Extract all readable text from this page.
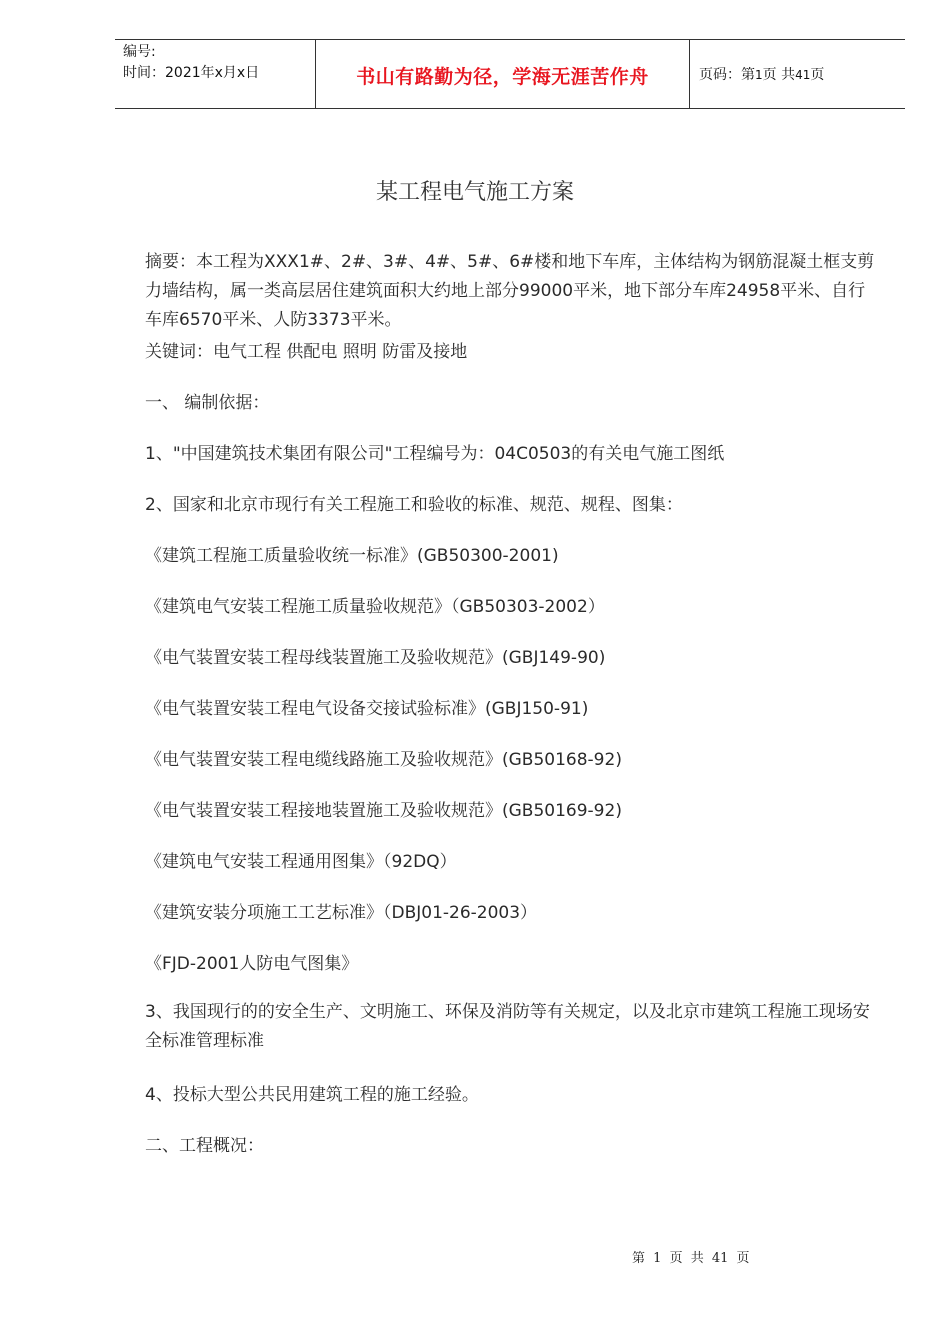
编号:
时间：2021年x月x日	书山有路勤为径，学海无涯苦作舟	页码：第1页 共41页
某工程电气施工方案
摘要：本工程为XXX1#、2#、3#、4#、5#、6#楼和地下车库，主体结构为钢筋混凝土框支剪力墙结构，属一类高层居住建筑面积大约地上部分99000平米，地下部分车库24958平米、自行车库6570平米、人防3373平米。
关键词：电气工程 供配电 照明 防雷及接地
一、 编制依据：
1、"中国建筑技术集团有限公司"工程编号为：04C0503的有关电气施工图纸
2、国家和北京市现行有关工程施工和验收的标准、规范、规程、图集：
《建筑工程施工质量验收统一标准》(GB50300-2001)
《建筑电气安装工程施工质量验收规范》（GB50303-2002）
《电气装置安装工程母线装置施工及验收规范》(GBJ149-90)
《电气装置安装工程电气设备交接试验标准》(GBJ150-91)
《电气装置安装工程电缆线路施工及验收规范》(GB50168-92)
《电气装置安装工程接地装置施工及验收规范》(GB50169-92)
《建筑电气安装工程通用图集》（92DQ）
《建筑安装分项施工工艺标准》（DBJ01-26-2003）
《FJD-2001人防电气图集》
3、我国现行的的安全生产、文明施工、环保及消防等有关规定，以及北京市建筑工程施工现场安全标准管理标准
4、投标大型公共民用建筑工程的施工经验。
二、工程概况：
第 1 页 共 41 页
